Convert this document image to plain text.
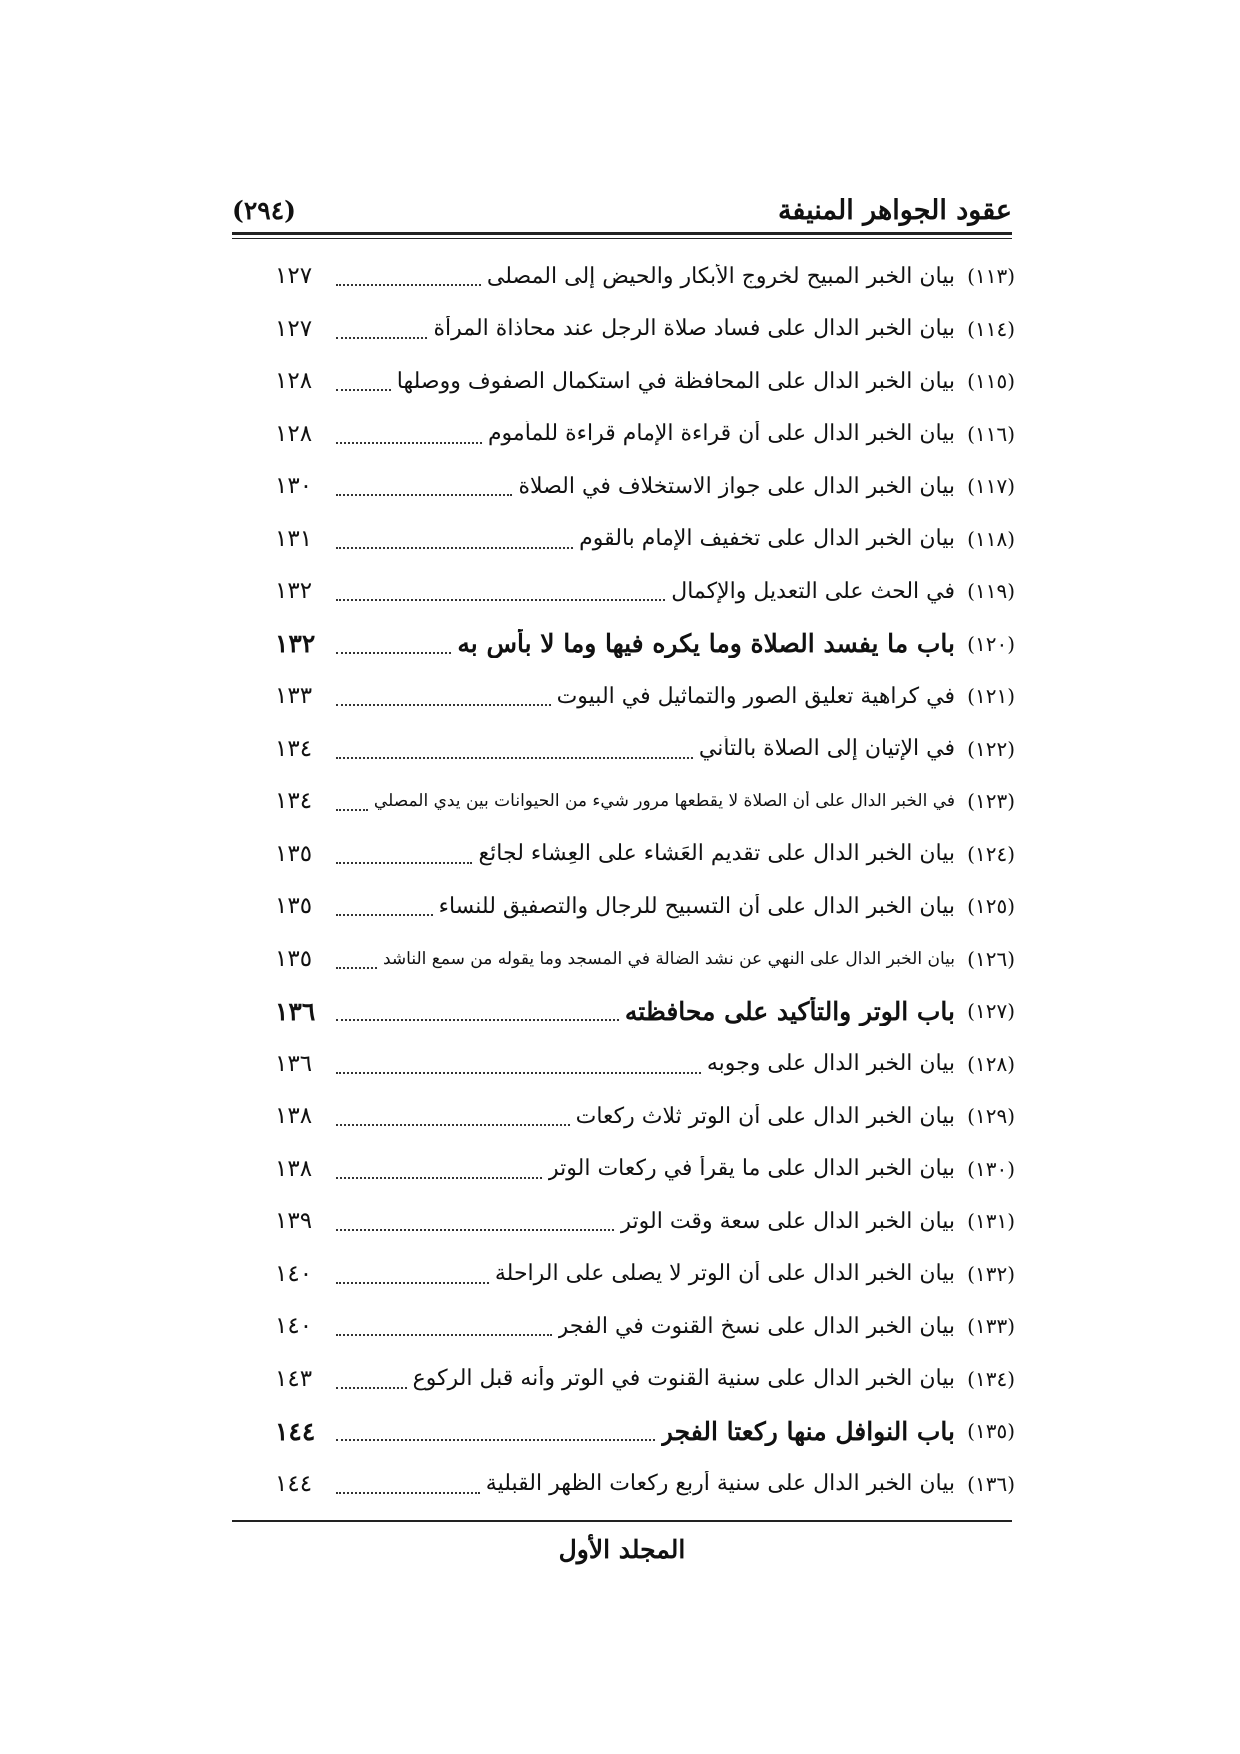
عقود الجواهر المنيفة
(٢٩٤)
(١١٣)
بيان الخبر المبيح لخروج الأبكار والحيض إلى المصلى
١٢٧
(١١٤)
بيان الخبر الدال على فساد صلاة الرجل عند محاذاة المرأة
١٢٧
(١١٥)
بيان الخبر الدال على المحافظة في استكمال الصفوف ووصلها
١٢٨
(١١٦)
بيان الخبر الدال على أن قراءة الإمام قراءة للمأموم
١٢٨
(١١٧)
بيان الخبر الدال على جواز الاستخلاف في الصلاة
١٣٠
(١١٨)
بيان الخبر الدال على تخفيف الإمام بالقوم
١٣١
(١١٩)
في الحث على التعديل والإكمال
١٣٢
(١٢٠)
باب ما يفسد الصلاة وما يكره فيها وما لا بأس به
١٣٢
(١٢١)
في كراهية تعليق الصور والتماثيل في البيوت
١٣٣
(١٢٢)
في الإتيان إلى الصلاة بالتأني
١٣٤
(١٢٣)
في الخبر الدال على أن الصلاة لا يقطعها مرور شيء من الحيوانات بين يدي المصلي
١٣٤
(١٢٤)
بيان الخبر الدال على تقديم العَشاء على العِشاء لجائع
١٣٥
(١٢٥)
بيان الخبر الدال على أن التسبيح للرجال والتصفيق للنساء
١٣٥
(١٢٦)
بيان الخبر الدال على النهي عن نشد الضالة في المسجد وما يقوله من سمع الناشد
١٣٥
(١٢٧)
باب الوتر والتأكيد على محافظته
١٣٦
(١٢٨)
بيان الخبر الدال على وجوبه
١٣٦
(١٢٩)
بيان الخبر الدال على أن الوتر ثلاث ركعات
١٣٨
(١٣٠)
بيان الخبر الدال على ما يقرأ في ركعات الوتر
١٣٨
(١٣١)
بيان الخبر الدال على سعة وقت الوتر
١٣٩
(١٣٢)
بيان الخبر الدال على أن الوتر لا يصلى على الراحلة
١٤٠
(١٣٣)
بيان الخبر الدال على نسخ القنوت في الفجر
١٤٠
(١٣٤)
بيان الخبر الدال على سنية القنوت في الوتر وأنه قبل الركوع
١٤٣
(١٣٥)
باب النوافل منها ركعتا الفجر
١٤٤
(١٣٦)
بيان الخبر الدال على سنية أربع ركعات الظهر القبلية
١٤٤
المجلد الأول
